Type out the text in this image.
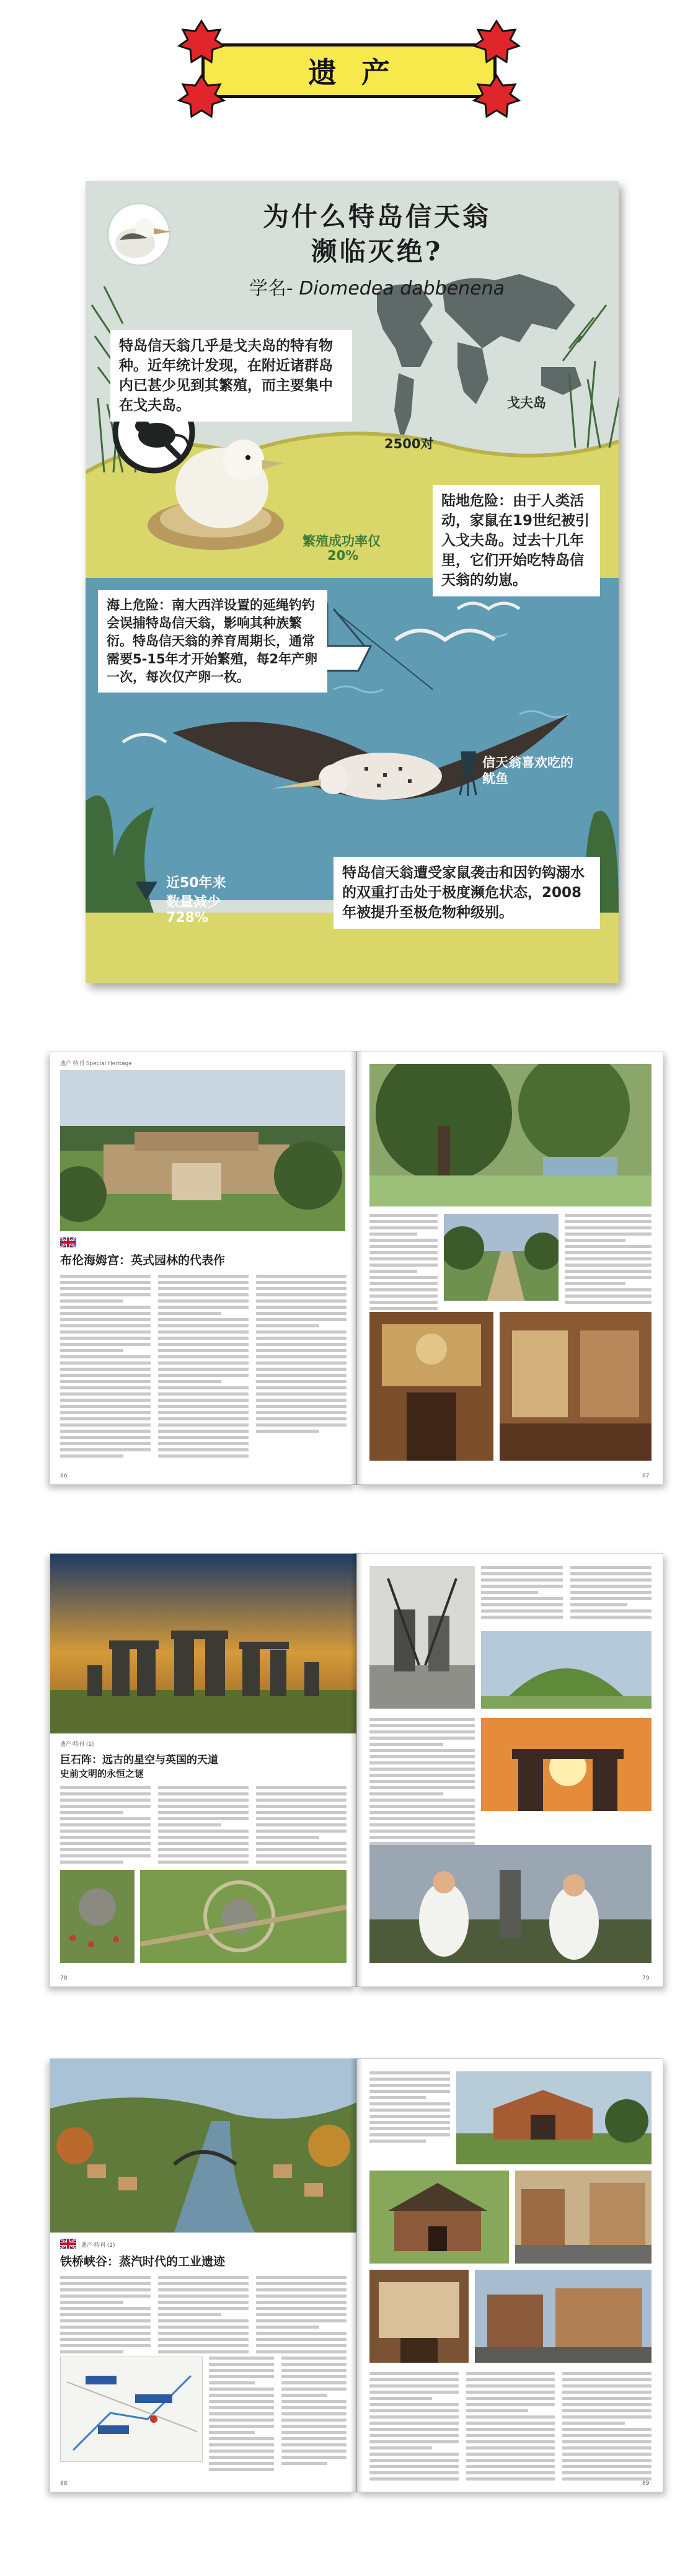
遗产
为什么特岛信天翁
濒临灭绝?
学名- Diomedea dabbenena
特岛信天翁几乎是戈夫岛的特有物种。近年统计发现，在附近诸群岛内已甚少见到其繁殖，而主要集中在戈夫岛。	戈夫岛
2500对
繁殖成功率仅
20%
陆地危险：由于人类活动，家鼠在19世纪被引入戈夫岛。过去十几年里，它们开始吃特岛信天翁的幼崽。
海上危险：南大西洋设置的延绳钓钓会误捕特岛信天翁，影响其种族繁衍。特岛信天翁的养育周期长，通常需要5-15年才开始繁殖，每2年产卵一次，每次仅产卵一枚。
信天翁喜欢吃的鱿鱼
近50年来
数量减少
728%
特岛信天翁遭受家鼠袭击和因钓钩溺水的双重打击处于极度濒危状态，2008年被提升至极危物种级别。
遗产 特刊 Special Heritage
布伦海姆宫：英式园林的代表作
86	87
遗产·特刊 (1)
巨石阵：远古的星空与英国的天道
史前文明的永恒之谜
78	79
遗产·特刊 (2)
铁桥峡谷：蒸汽时代的工业遗迹
88	89
